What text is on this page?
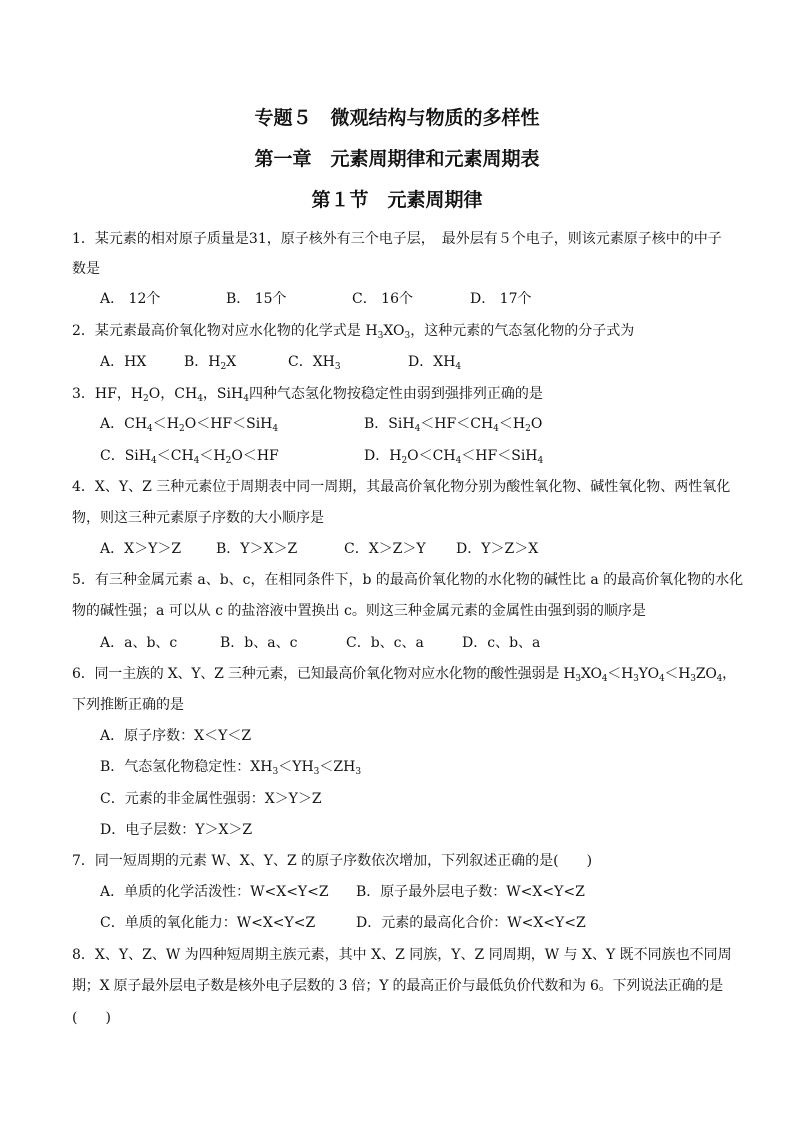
专题５　微观结构与物质的多样性
第一章　元素周期律和元素周期表
第１节　元素周期律
1．某元素的相对原子质量是31，原子核外有三个电子层，　最外层有５个电子，则该元素原子核中的中子
数是
A． 12个	B． 15个	C． 16个	D． 17个
2．某元素最高价氧化物对应水化物的化学式是 $H_3XO_3$，这种元素的气态氢化物的分子式为
A．HX	B．$H_2X$	C．$XH_3$	D．$XH_4$
3．HF，$H_2O$，$CH_4$，SiH$_4$四种气态氢化物按稳定性由弱到强排列正确的是
A．$CH_4<H_2O<HF<SiH_4$	B．$SiH_4<HF<CH_4<H_2O$
C．$SiH_4<CH_4<H_2O<HF$	D．$H_2O<CH_4<HF<SiH_4$
4．X、Y、Z 三种元素位于周期表中同一周期，其最高价氧化物分别为酸性氧化物、碱性氧化物、两性氧化
物，则这三种元素原子序数的大小顺序是
A．X＞Y＞Z B．Y＞X＞Z	C．X＞Z＞Y D．Y＞Z＞X
5．有三种金属元素 a、b、c，在相同条件下，b 的最高价氧化物的水化物的碱性比 a 的最高价氧化物的水化
物的碱性强；a 可以从 c 的盐溶液中置换出 c。则这三种金属元素的金属性由强到弱的顺序是
A．a、b、c	B．b、a、c	C．b、c、a	D．c、b、a
6．同一主族的 X、Y、Z 三种元素，已知最高价氧化物对应水化物的酸性强弱是 $H_3XO_4<H_3YO_4<H_3ZO_4$，
下列推断正确的是
A．原子序数：X＜Y＜Z
B．气态氢化物稳定性：$XH_3<YH_3<ZH_3$
C．元素的非金属性强弱：X＞Y＞Z
D．电子层数：Y＞X＞Z
7．同一短周期的元素 W、X、Y、Z 的原子序数依次增加，下列叙述正确的是(　　)
A．单质的化学活泼性：W<X<Y<Z B．原子最外层电子数：W<X<Y<Z
C．单质的氧化能力：W<X<Y<Z	D．元素的最高化合价：W<X<Y<Z
8．X、Y、Z、W 为四种短周期主族元素，其中 X、Z 同族，Y、Z 同周期，W 与 X、Y 既不同族也不同周
期；X 原子最外层电子数是核外电子层数的 3 倍；Y 的最高正价与最低负价代数和为 6。下列说法正确的是
(　　)
